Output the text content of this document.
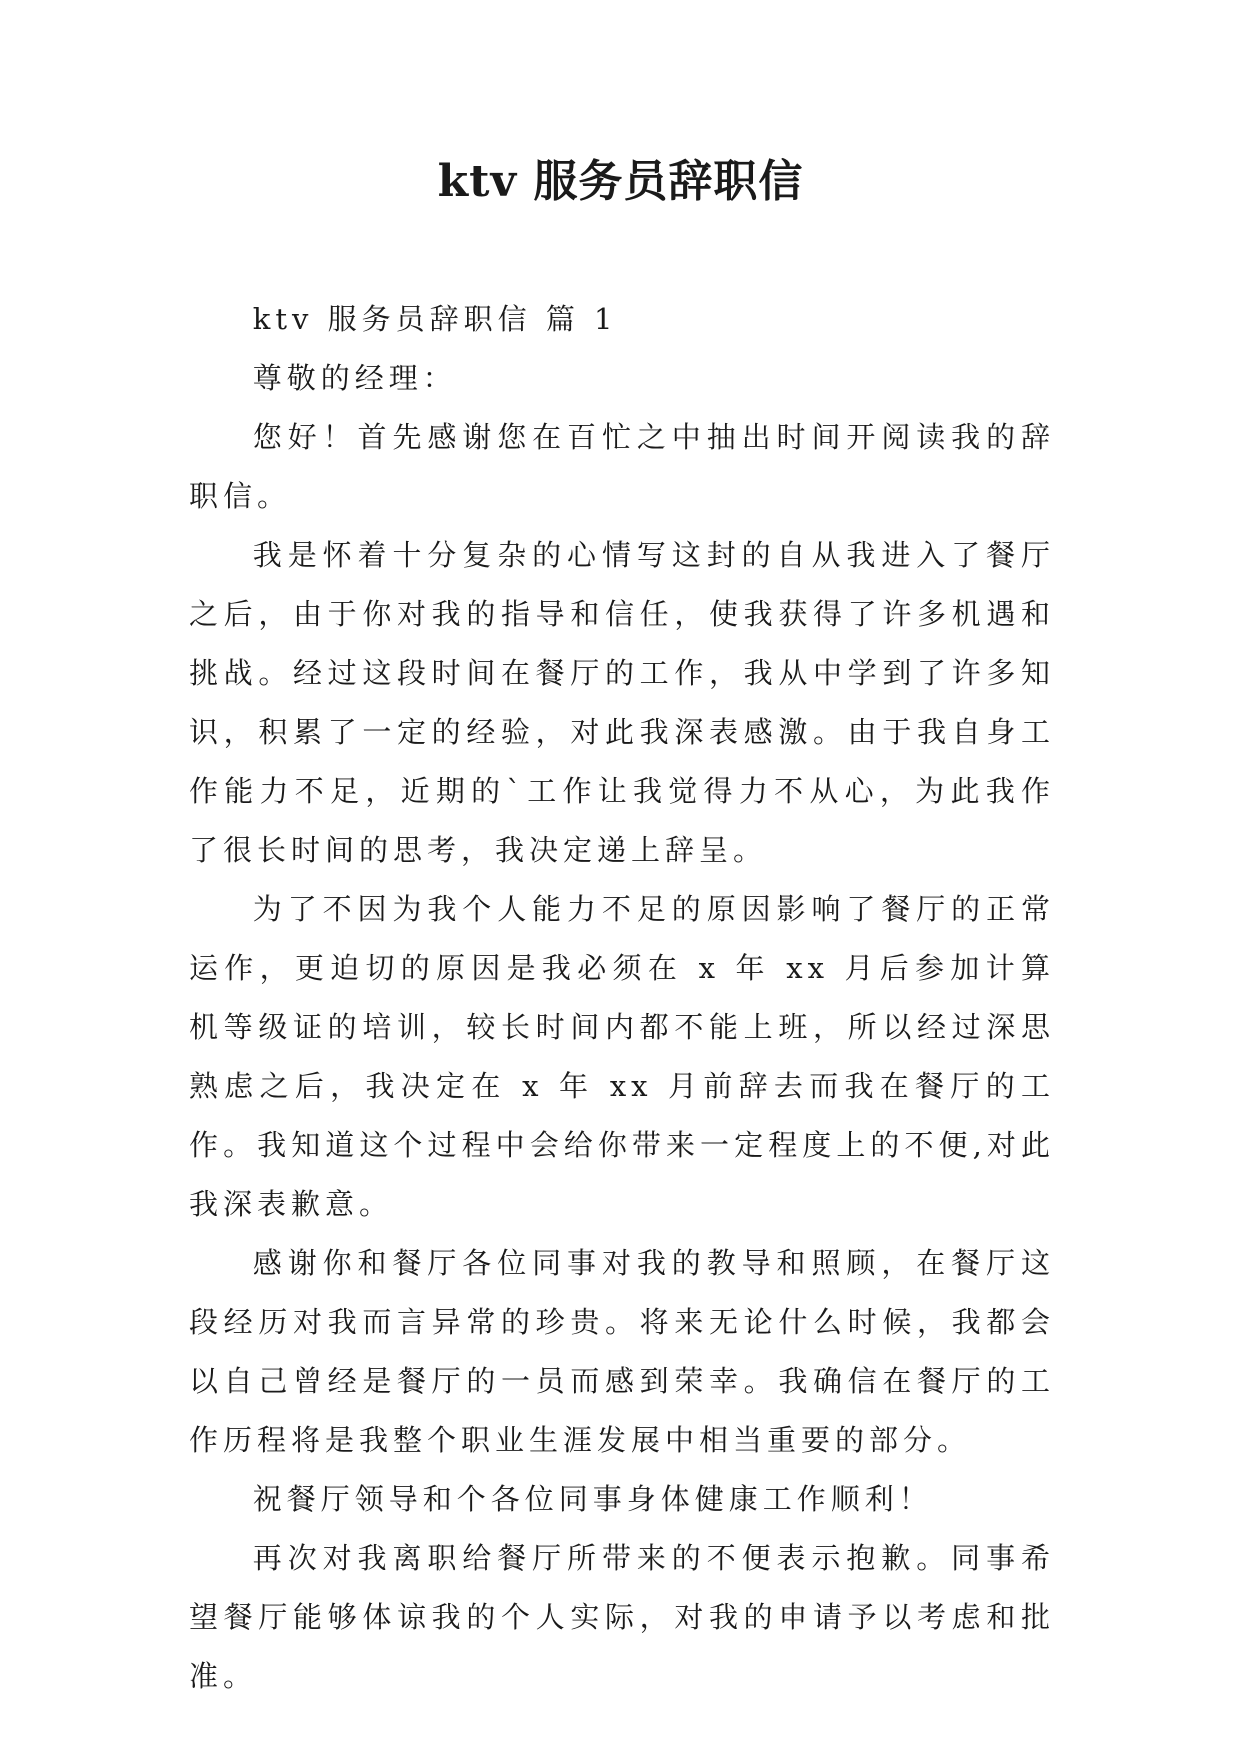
ktv 服务员辞职信

ktv 服务员辞职信 篇 1

尊敬的经理：

您好！首先感谢您在百忙之中抽出时间开阅读我的辞职信。

我是怀着十分复杂的心情写这封的自从我进入了餐厅之后，由于你对我的指导和信任，使我获得了许多机遇和挑战。经过这段时间在餐厅的工作，我从中学到了许多知识，积累了一定的经验，对此我深表感激。由于我自身工作能力不足，近期的`工作让我觉得力不从心，为此我作了很长时间的思考，我决定递上辞呈。

为了不因为我个人能力不足的原因影响了餐厅的正常运作，更迫切的原因是我必须在 x 年 xx 月后参加计算机等级证的培训，较长时间内都不能上班，所以经过深思熟虑之后，我决定在 x 年 xx 月前辞去而我在餐厅的工作。我知道这个过程中会给你带来一定程度上的不便,对此我深表歉意。

感谢你和餐厅各位同事对我的教导和照顾，在餐厅这段经历对我而言异常的珍贵。将来无论什么时候，我都会以自己曾经是餐厅的一员而感到荣幸。我确信在餐厅的工作历程将是我整个职业生涯发展中相当重要的部分。

祝餐厅领导和个各位同事身体健康工作顺利！

再次对我离职给餐厅所带来的不便表示抱歉。同事希望餐厅能够体谅我的个人实际，对我的申请予以考虑和批准。
